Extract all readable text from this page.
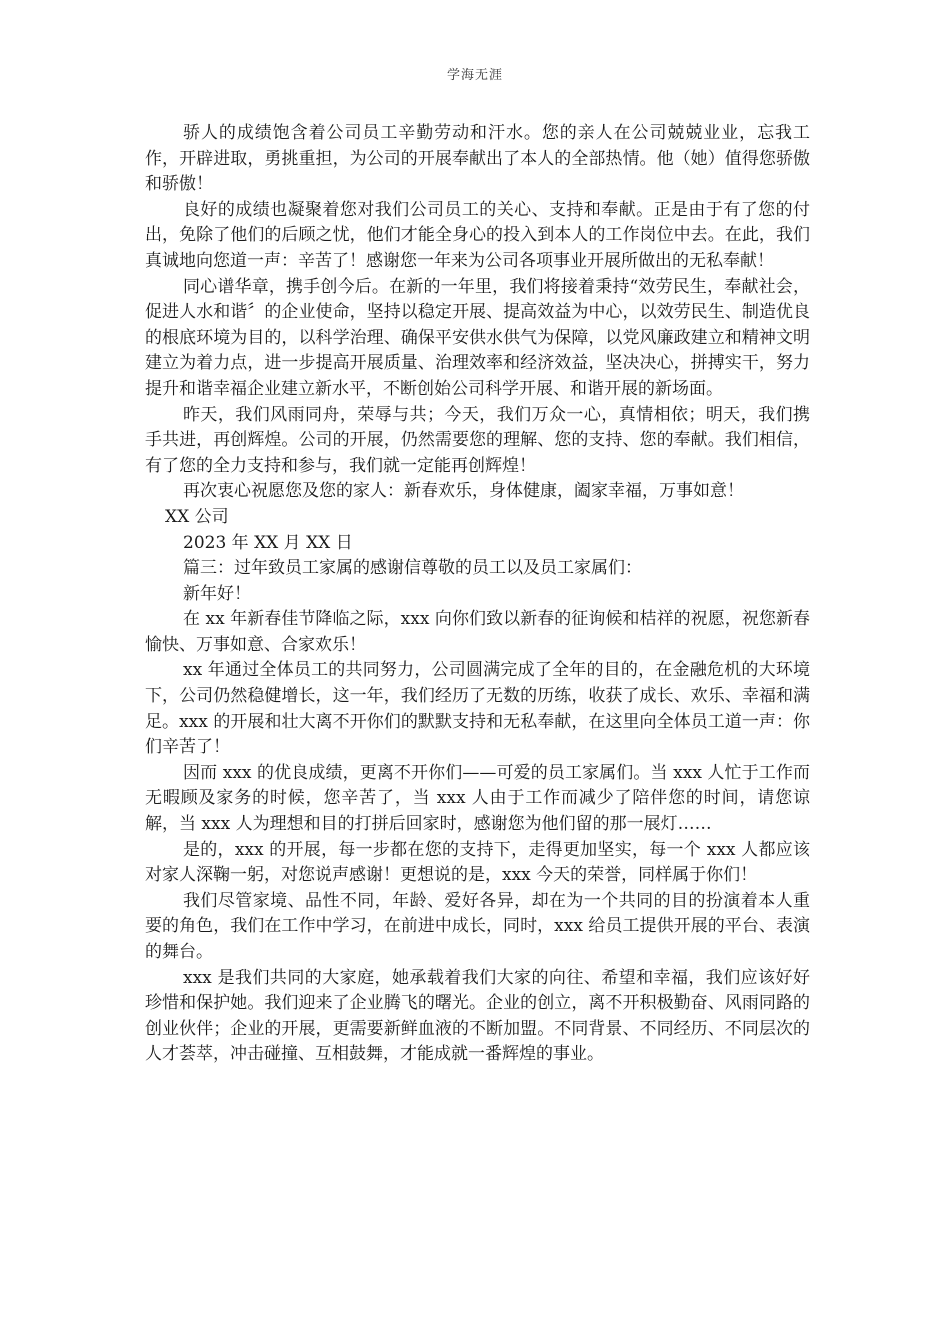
学海无涯

骄人的成绩饱含着公司员工辛勤劳动和汗水。您的亲人在公司兢兢业业，忘我工作，开辟进取，勇挑重担，为公司的开展奉献出了本人的全部热情。他（她）值得您骄傲和骄傲！

良好的成绩也凝聚着您对我们公司员工的关心、支持和奉献。正是由于有了您的付出，免除了他们的后顾之忧，他们才能全身心的投入到本人的工作岗位中去。在此，我们真诚地向您道一声：辛苦了！感谢您一年来为公司各项事业开展所做出的无私奉献！

同心谱华章，携手创今后。在新的一年里，我们将接着秉持“效劳民生，奉献社会，促进人水和谐〞的企业使命，坚持以稳定开展、提高效益为中心，以效劳民生、制造优良的根底环境为目的，以科学治理、确保平安供水供气为保障，以党风廉政建立和精神文明建立为着力点，进一步提高开展质量、治理效率和经济效益，坚决决心，拼搏实干，努力提升和谐幸福企业建立新水平，不断创始公司科学开展、和谐开展的新场面。

昨天，我们风雨同舟，荣辱与共；今天，我们万众一心，真情相依；明天，我们携手共进，再创辉煌。公司的开展，仍然需要您的理解、您的支持、您的奉献。我们相信，有了您的全力支持和参与，我们就一定能再创辉煌！

再次衷心祝愿您及您的家人：新春欢乐，身体健康，阖家幸福，万事如意！

XX 公司

2023 年 XX 月 XX 日

篇三：过年致员工家属的感谢信尊敬的员工以及员工家属们：

新年好！

在 xx 年新春佳节降临之际，xxx 向你们致以新春的征询候和桔祥的祝愿，祝您新春愉快、万事如意、合家欢乐！

xx 年通过全体员工的共同努力，公司圆满完成了全年的目的，在金融危机的大环境下，公司仍然稳健增长，这一年，我们经历了无数的历练，收获了成长、欢乐、幸福和满足。xxx 的开展和壮大离不开你们的默默支持和无私奉献，在这里向全体员工道一声：你们辛苦了！

因而 xxx 的优良成绩，更离不开你们——可爱的员工家属们。当 xxx 人忙于工作而无暇顾及家务的时候，您辛苦了，当 xxx 人由于工作而减少了陪伴您的时间，请您谅解，当 xxx 人为理想和目的打拼后回家时，感谢您为他们留的那一展灯……

是的，xxx 的开展，每一步都在您的支持下，走得更加坚实，每一个 xxx 人都应该对家人深鞠一躬，对您说声感谢！更想说的是，xxx 今天的荣誉，同样属于你们！

我们尽管家境、品性不同，年龄、爱好各异，却在为一个共同的目的扮演着本人重要的角色，我们在工作中学习，在前进中成长，同时，xxx 给员工提供开展的平台、表演的舞台。

xxx 是我们共同的大家庭，她承载着我们大家的向往、希望和幸福，我们应该好好珍惜和保护她。我们迎来了企业腾飞的曙光。企业的创立，离不开积极勤奋、风雨同路的创业伙伴；企业的开展，更需要新鲜血液的不断加盟。不同背景、不同经历、不同层次的人才荟萃，冲击碰撞、互相鼓舞，才能成就一番辉煌的事业。
